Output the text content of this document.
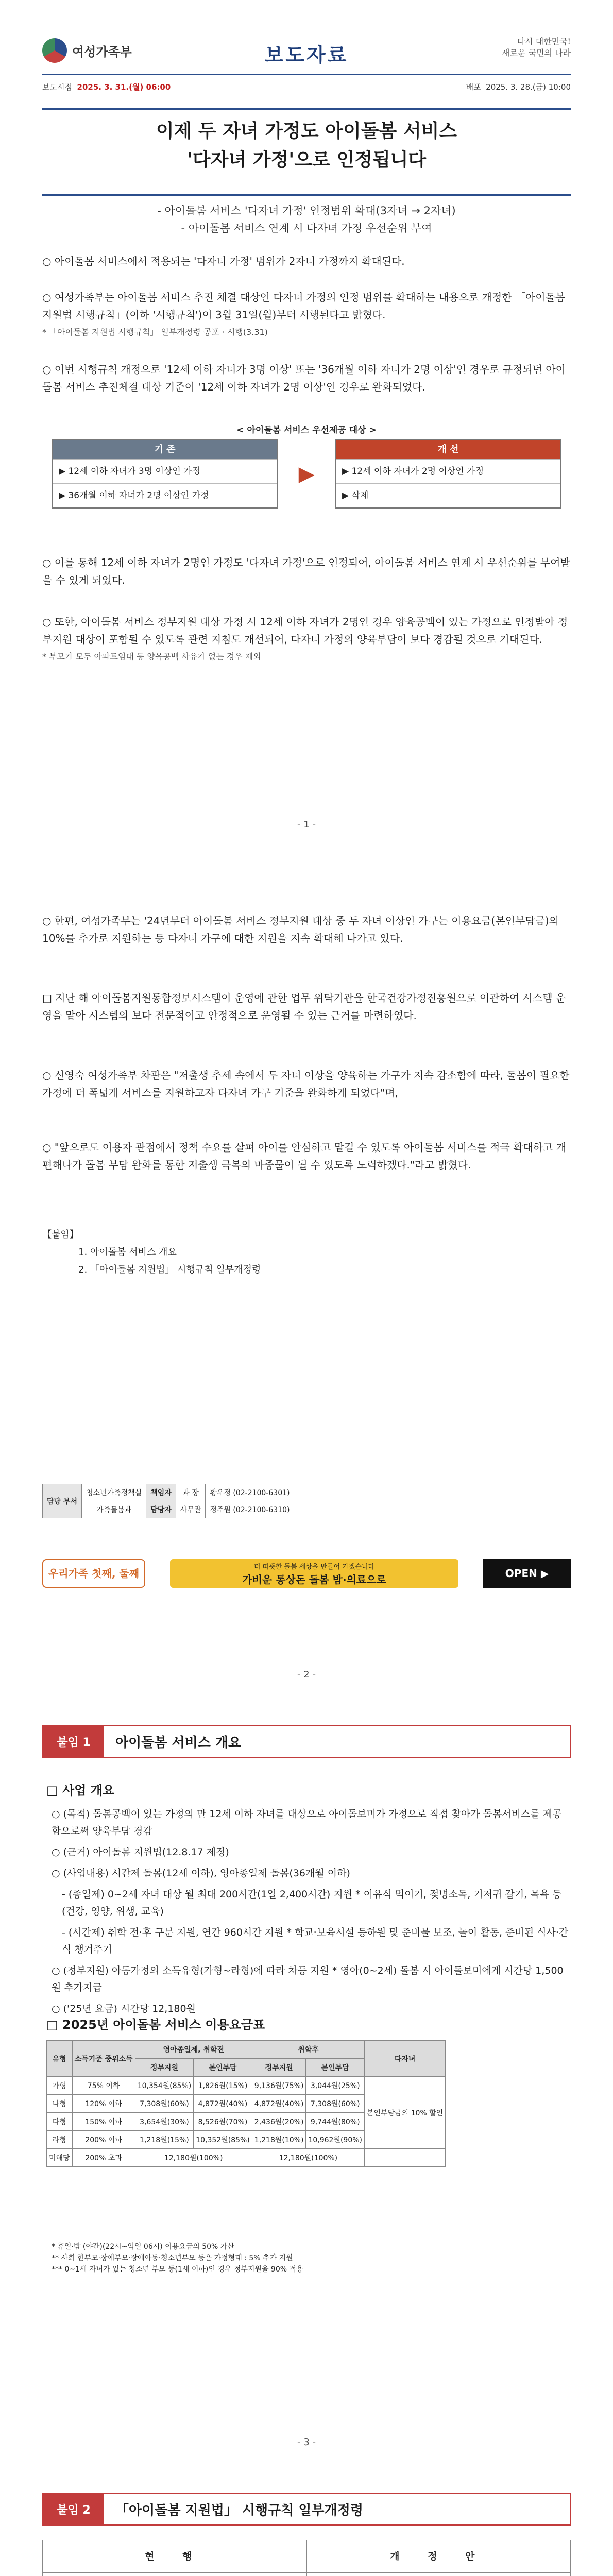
여성가족부	보도자료
다시 대한민국!
새로운 국민의 나라
보도시점 2025. 3. 31.(월) 06:00	배포 2025. 3. 28.(금) 10:00
이제 두 자녀 가정도 아이돌봄 서비스
'다자녀 가정'으로 인정됩니다
- 아이돌봄 서비스 '다자녀 가정' 인정범위 확대(3자녀 → 2자녀)
- 아이돌봄 서비스 연계 시 다자녀 가정 우선순위 부여
○ 아이돌봄 서비스에서 적용되는 '다자녀 가정' 범위가 2자녀 가정까지 확대된다.
○ 여성가족부는 아이돌봄 서비스 추진 체결 대상인 다자녀 가정의 인정 범위를 확대하는 내용으로 개정한 「아이돌봄 지원법 시행규칙」(이하 '시행규칙')이 3월 31일(월)부터 시행된다고 밝혔다.
* 「아이돌봄 지원법 시행규칙」 일부개정령 공포 · 시행(3.31)
○ 이번 시행규칙 개정으로 '12세 이하 자녀가 3명 이상' 또는 '36개월 이하 자녀가 2명 이상'인 경우로 규정되던 아이돌봄 서비스 추진체결 대상 기준이 '12세 이하 자녀가 2명 이상'인 경우로 완화되었다.
< 아이돌봄 서비스 우선제공 대상 >
기 존
▶ 12세 이하 자녀가 3명 이상인 가정
▶ 36개월 이하 자녀가 2명 이상인 가정
▶
개 선
▶ 12세 이하 자녀가 2명 이상인 가정
▶ 삭제
○ 이를 통해 12세 이하 자녀가 2명인 가정도 '다자녀 가정'으로 인정되어, 아이돌봄 서비스 연계 시 우선순위를 부여받을 수 있게 되었다.
○ 또한, 아이돌봄 서비스 정부지원 대상 가정 시 12세 이하 자녀가 2명인 경우 양육공백이 있는 가정으로 인정받아 정부지원 대상이 포함될 수 있도록 관련 지침도 개선되어, 다자녀 가정의 양육부담이 보다 경감될 것으로 기대된다.
* 부모가 모두 아파트임대 등 양육공백 사유가 없는 경우 제외
- 1 -
○ 한편, 여성가족부는 '24년부터 아이돌봄 서비스 정부지원 대상 중 두 자녀 이상인 가구는 이용요금(본인부담금)의 10%를 추가로 지원하는 등 다자녀 가구에 대한 지원을 지속 확대해 나가고 있다.
□ 지난 해 아이돌봄지원통합정보시스템이 운영에 관한 업무 위탁기관을 한국건강가정진흥원으로 이관하여 시스템 운영을 맡아 시스템의 보다 전문적이고 안정적으로 운영될 수 있는 근거를 마련하였다.
○ 신영숙 여성가족부 차관은 "저출생 추세 속에서 두 자녀 이상을 양육하는 가구가 지속 감소함에 따라, 돌봄이 필요한 가정에 더 폭넓게 서비스를 지원하고자 다자녀 가구 기준을 완화하게 되었다"며,
○ "앞으로도 이용자 관점에서 정책 수요를 살펴 아이를 안심하고 맡길 수 있도록 아이돌봄 서비스를 적극 확대하고 개편해나가 돌봄 부담 완화를 통한 저출생 극복의 마중물이 될 수 있도록 노력하겠다."라고 밝혔다.
【붙임】
1. 아이돌봄 서비스 개요
2. 「아이돌봄 지원법」 시행규칙 일부개정령
- 2 -
담당 부서	청소년가족정책실	책임자	과 장	황우정 (02-2100-6301)
	가족돌봄과	담당자	사무관	정주원 (02-2100-6310)
우리가족 첫째, 둘째
더 따뜻한 돌봄 세상을 만들어 가겠습니다
가비운 통상돈 돌봄 밤·의료으로	OPEN ▶
붙임 1	아이돌봄 서비스 개요
□ 사업 개요
○ (목적) 돌봄공백이 있는 가정의 만 12세 이하 자녀를 대상으로 아이돌보미가 가정으로 직접 찾아가 돌봄서비스를 제공함으로써 양육부담 경감
○ (근거) 아이돌봄 지원법(12.8.17 제정)
○ (사업내용) 시간제 돌봄(12세 이하), 영아종일제 돌봄(36개월 이하)
- (종일제) 0~2세 자녀 대상 월 최대 200시간(1일 2,400시간) 지원 * 이유식 먹이기, 젖병소독, 기저귀 갈기, 목욕 등 (건강, 영양, 위생, 교육)
- (시간제) 취학 전·후 구분 지원, 연간 960시간 지원 * 학교·보육시설 등하원 및 준비물 보조, 놀이 활동, 준비된 식사·간식 챙겨주기
○ (정부지원) 아동가정의 소득유형(가형~라형)에 따라 차등 지원 * 영아(0~2세) 돌봄 시 아이돌보미에게 시간당 1,500원 추가지급
○ ('25년 요금) 시간당 12,180원
□ 2025년 아이돌봄 서비스 이용요금표
* 휴일·밤 (야간)(22시~익일 06시) 이용요금의 50% 가산
** 사회 한부모·장애부모·장애아동·청소년부모 등은 가정형태 : 5% 추가 지원
*** 0~1세 자녀가 있는 청소년 부모 등(1세 이하)인 경우 정부지원율 90% 적용
- 3 -
유형	소득기준 중위소득	영아종일제, 취학전		취학후		다자녀
		정부지원	본인부담	정부지원	본인부담	
가형	75% 이하	10,354원(85%)	1,826원(15%)	9,136원(75%)	3,044원(25%)	본인부담금의 10% 할인
나형	120% 이하	7,308원(60%)	4,872원(40%)	4,872원(40%)	7,308원(60%)	
다형	150% 이하	3,654원(30%)	8,526원(70%)	2,436원(20%)	9,744원(80%)	
라형	200% 이하	1,218원(15%)	10,352원(85%)	1,218원(10%)	10,962원(90%)	
미해당	200% 초과	12,180원(100%)		12,180원(100%)		
붙임 2	「아이돌봄 지원법」 시행규칙 일부개정령
현 행	개 정 안
